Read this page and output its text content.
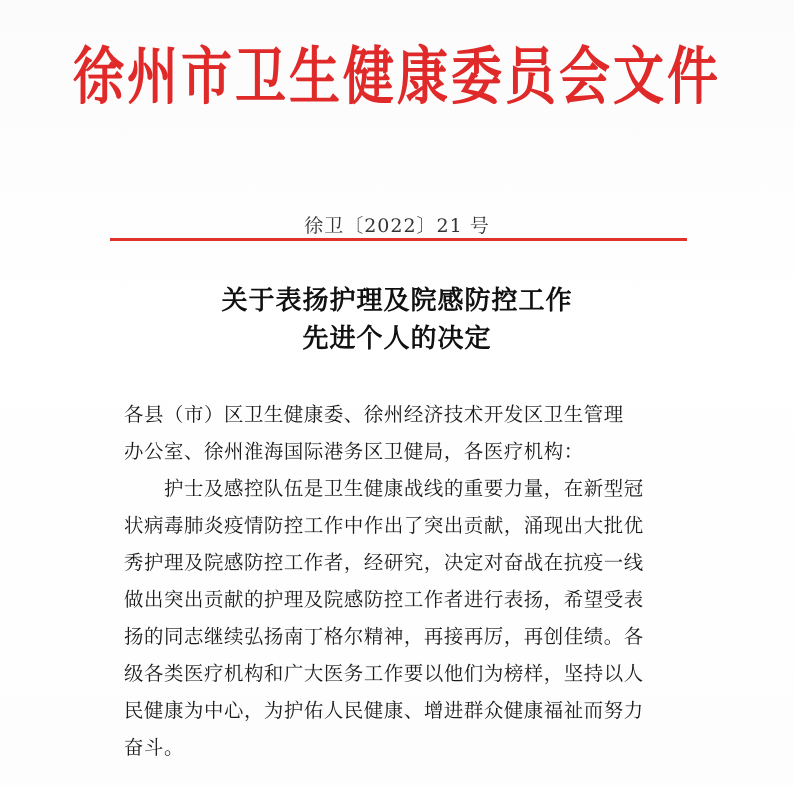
徐州市卫生健康委员会文件
徐卫〔2022〕21 号
关于表扬护理及院感防控工作
先进个人的决定
各县（市）区卫生健康委、徐州经济技术开发区卫生管理
办公室、徐州淮海国际港务区卫健局，各医疗机构：
　　护士及感控队伍是卫生健康战线的重要力量，在新型冠
状病毒肺炎疫情防控工作中作出了突出贡献，涌现出大批优
秀护理及院感防控工作者，经研究，决定对奋战在抗疫一线
做出突出贡献的护理及院感防控工作者进行表扬，希望受表
扬的同志继续弘扬南丁格尔精神，再接再厉，再创佳绩。各
级各类医疗机构和广大医务工作要以他们为榜样，坚持以人
民健康为中心，为护佑人民健康、增进群众健康福祉而努力
奋斗。
